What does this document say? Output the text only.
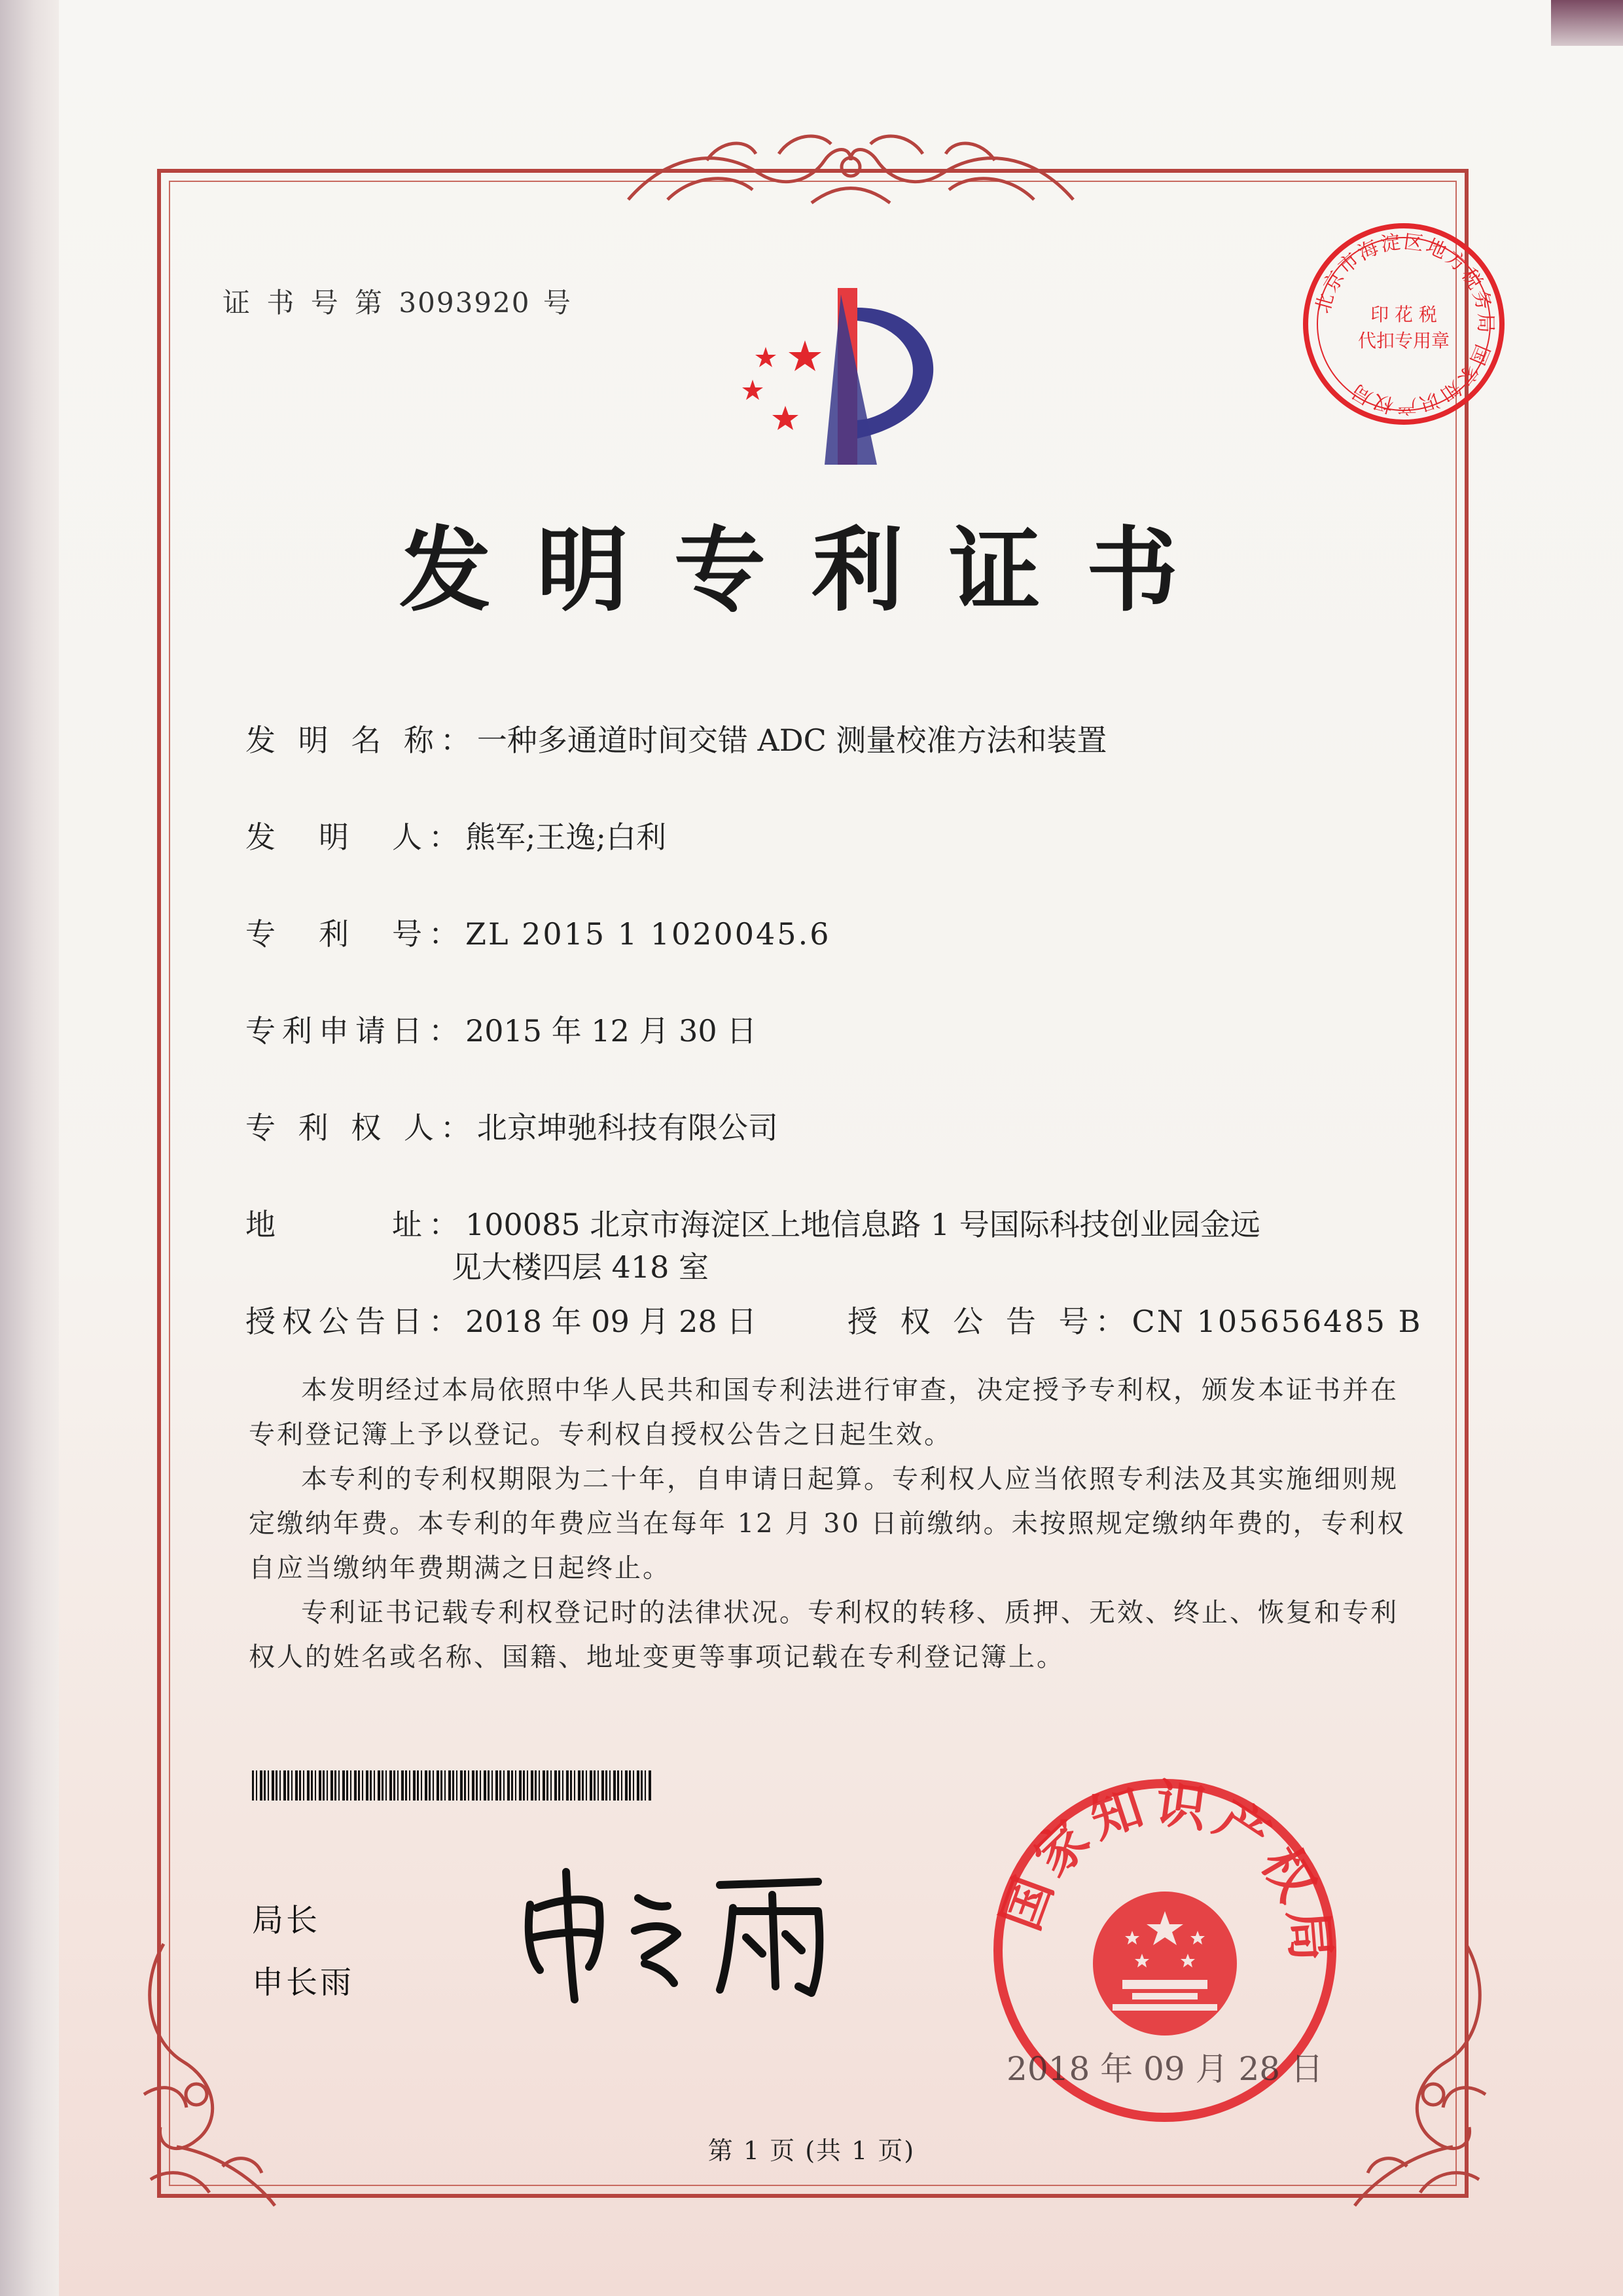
证 书 号 第 3093920 号	北京市海淀区地方税务局 国家知识产权局
印 花 税
代扣专用章
发明专利证书
发 明 名 称：一种多通道时间交错 ADC 测量校准方法和装置
发　明　人：熊军;王逸;白利
专　利　号：ZL 2015 1 1020045.6
专利申请日：2015 年 12 月 30 日
专 利 权 人：北京坤驰科技有限公司
地　　　址：100085 北京市海淀区上地信息路 1 号国际科技创业园金远
见大楼四层 418 室
授权公告日：2018 年 09 月 28 日	授 权 公 告 号：CN 105656485 B

本发明经过本局依照中华人民共和国专利法进行审查，决定授予专利权，颁发本证书并在专利登记簿上予以登记。专利权自授权公告之日起生效。

本专利的专利权期限为二十年，自申请日起算。专利权人应当依照专利法及其实施细则规定缴纳年费。本专利的年费应当在每年 12 月 30 日前缴纳。未按照规定缴纳年费的，专利权自应当缴纳年费期满之日起终止。

专利证书记载专利权登记时的法律状况。专利权的转移、质押、无效、终止、恢复和专利权人的姓名或名称、国籍、地址变更等事项记载在专利登记簿上。

局长
申长雨
国家知识产权局
2018 年 09 月 28 日
第 1 页 (共 1 页)
